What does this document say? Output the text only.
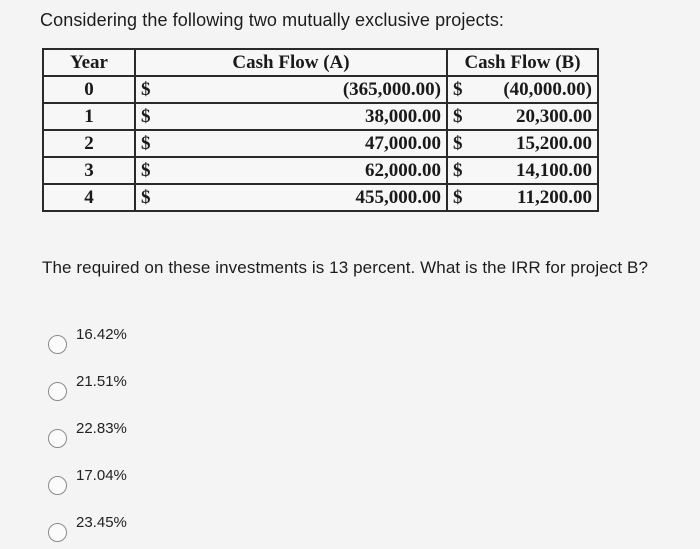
Considering the following two mutually exclusive projects:
Year	Cash Flow (A)	Cash Flow (B)
0	$ (365,000.00)	$ (40,000.00)

1	$ 38,000.00	$ 20,300.00

2	$ 47,000.00	$ 15,200.00

3	$ 62,000.00	$ 14,100.00

4	$ 455,000.00	$ 11,200.00
The required on these investments is 13 percent. What is the IRR for project B?
16.42%
21.51%
22.83%
17.04%
23.45%
